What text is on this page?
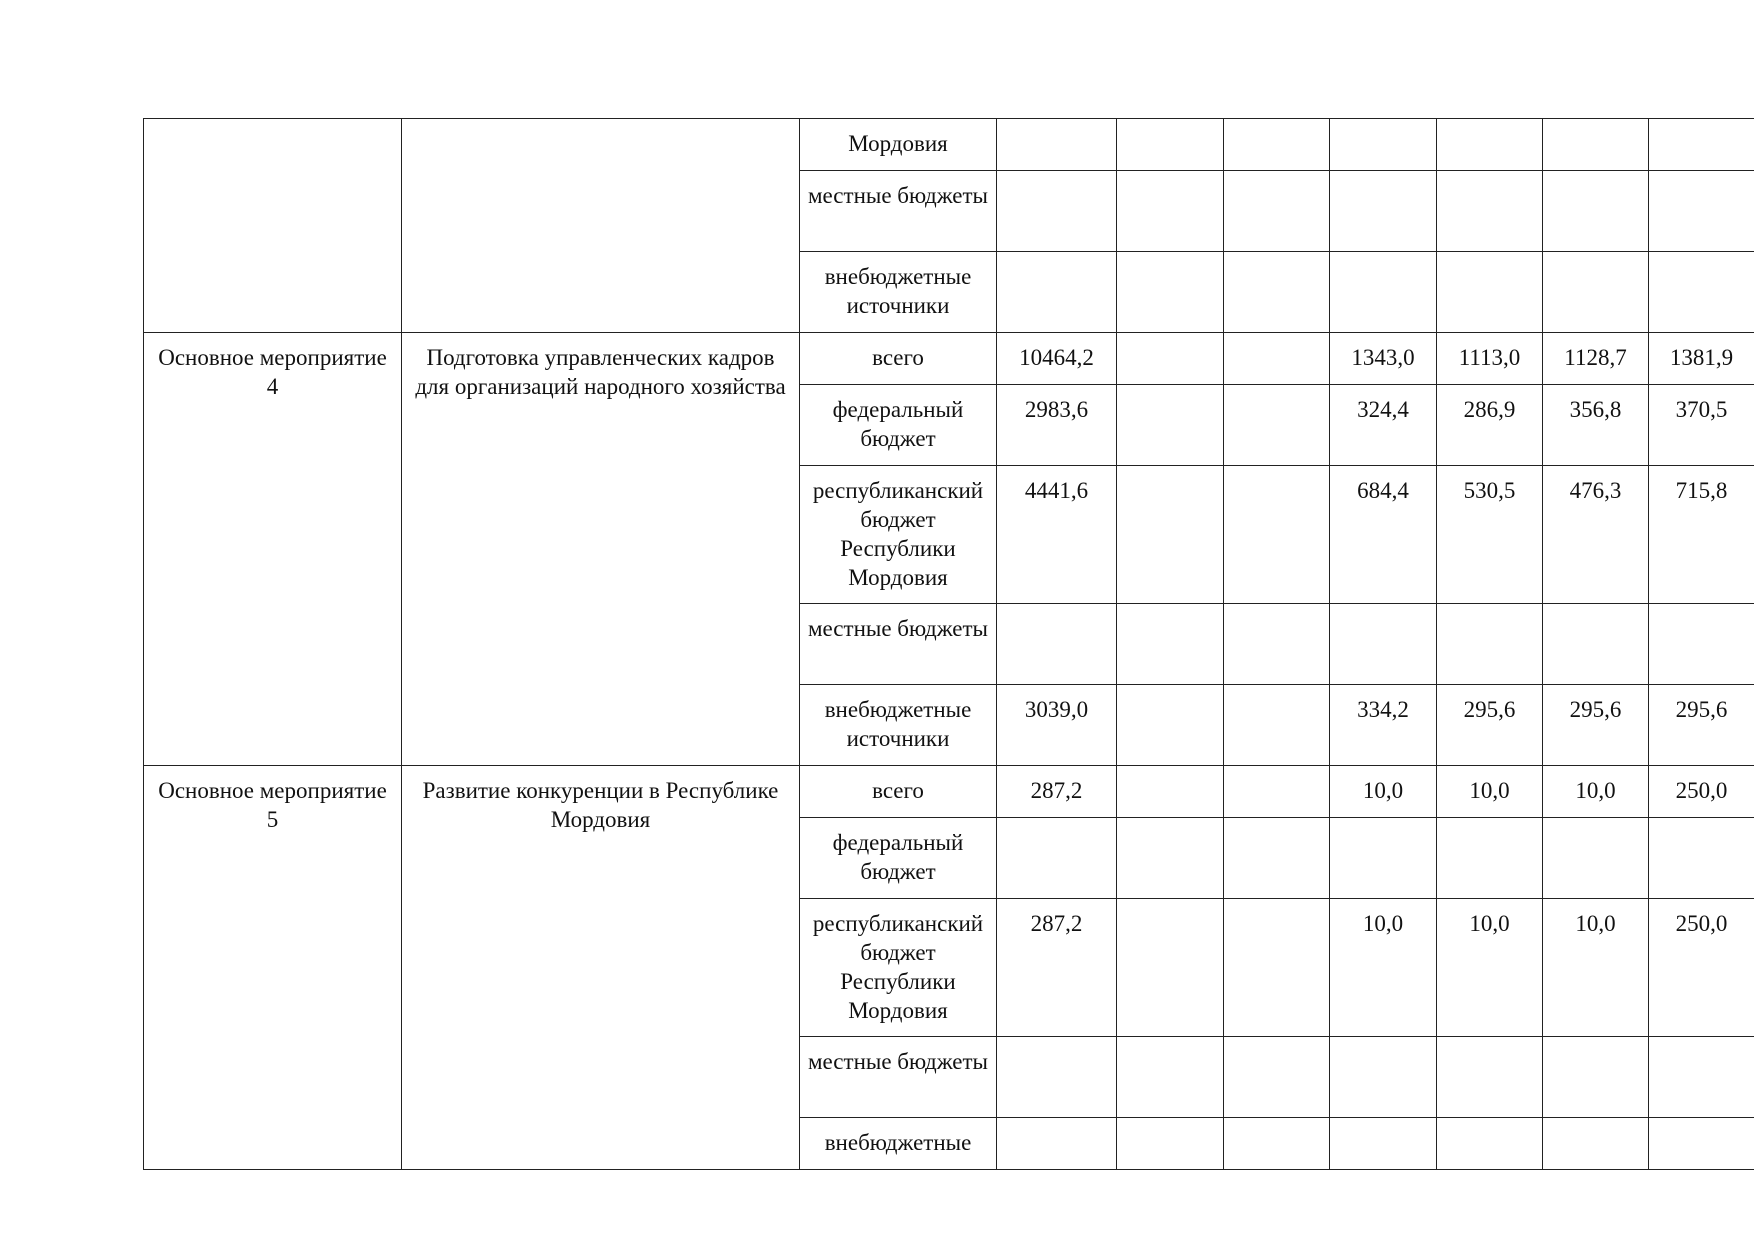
		Мордовия								
		местные бюджеты								
		внебюджетные источники								
Основное мероприятие 4	Подготовка управленческих кадров для организаций народного хозяйства	всего	10464,2			1343,0	1113,0	1128,7	1381,9	
		федеральный бюджет	2983,6			324,4	286,9	356,8	370,5	
		республиканский бюджет Республики Мордовия	4441,6			684,4	530,5	476,3	715,8	
		местные бюджеты								
		внебюджетные источники	3039,0			334,2	295,6	295,6	295,6	
Основное мероприятие 5	Развитие конкуренции в Республике Мордовия	всего	287,2			10,0	10,0	10,0	250,0	
		федеральный бюджет								
		республиканский бюджет Республики Мордовия	287,2			10,0	10,0	10,0	250,0	
		местные бюджеты								
		внебюджетные								
